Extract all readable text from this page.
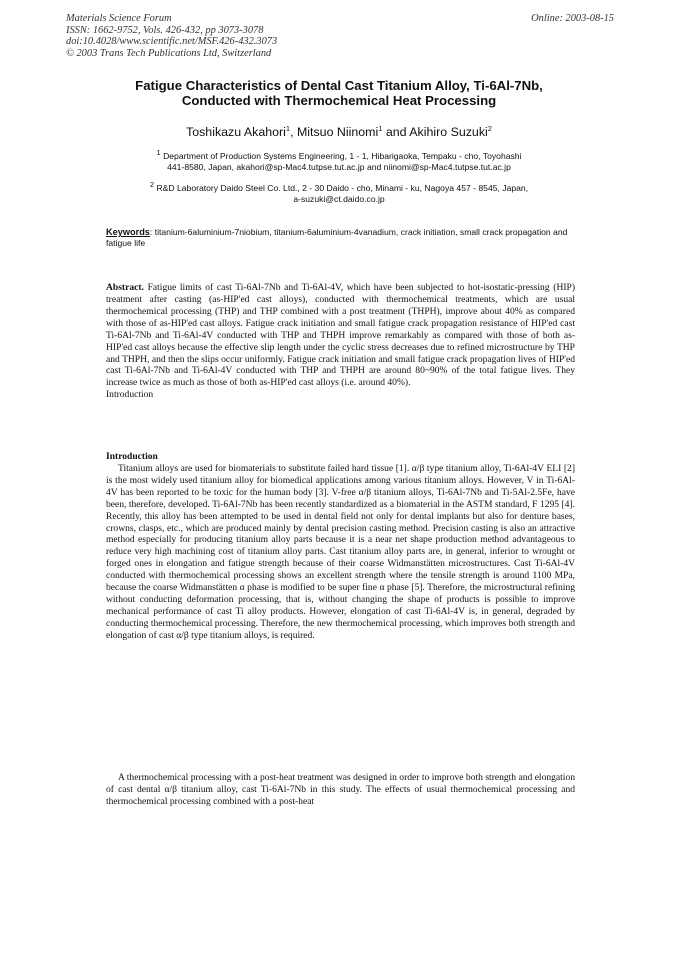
Materials Science Forum
ISSN: 1662-9752, Vols. 426-432, pp 3073-3078
doi:10.4028/www.scientific.net/MSF.426-432.3073
© 2003 Trans Tech Publications Ltd, Switzerland
Online: 2003-08-15
Fatigue Characteristics of Dental Cast Titanium Alloy, Ti-6Al-7Nb,
Conducted with Thermochemical Heat Processing
Toshikazu Akahori$^1$, Mitsuo Niinomi$^1$ and Akihiro Suzuki$^2$
$^1$ Department of Production Systems Engineering, 1 - 1, Hibarigaoka, Tempaku - cho, Toyohashi
441-8580, Japan, akahori@sp-Mac4.tutpse.tut.ac.jp and niinomi@sp-Mac4.tutpse.tut.ac.jp
$^2$ R&D Laboratory Daido Steel Co. Ltd., 2 - 30 Daido - cho, Minami - ku, Nagoya 457 - 8545, Japan,
a-suzuki@ct.daido.co.jp
Keywords: titanium-6aluminium-7niobium, titanium-6aluminium-4vanadium, crack initiation, small crack propagation and fatigue life

Abstract. Fatigue limits of cast Ti-6Al-7Nb and Ti-6Al-4V, which have been subjected to hot-isostatic-pressing (HIP) treatment after casting (as-HIP'ed cast alloys), conducted with thermochemical treatments, which are usual thermochemical processing (THP) and THP combined with a post treatment (THPH), improve about 40% as compared with those of as-HIP'ed cast alloys. Fatigue crack initiation and small fatigue crack propagation resistance of HIP'ed cast Ti-6Al-7Nb and Ti-6Al-4V conducted with THP and THPH improve remarkably as compared with those of both as-HIP'ed cast alloys because the effective slip length under the cyclic stress decreases due to refined microstructure by THP and THPH, and then the slips occur uniformly. Fatigue crack initiation and small fatigue crack propagation lives of HIP'ed cast Ti-6Al-7Nb and Ti-6Al-4V conducted with THP and THPH are around 80~90% of the total fatigue lives. They increase twice as much as those of both as-HIP'ed cast alloys (i.e. around 40%).

Introduction

Introduction

Titanium alloys are used for biomaterials to substitute failed hard tissue [1]. α/β type titanium alloy, Ti-6Al-4V ELI [2] is the most widely used titanium alloy for biomedical applications among various titanium alloys. However, V in Ti-6Al-4V has been reported to be toxic for the human body [3]. V-free α/β titanium alloys, Ti-6Al-7Nb and Ti-5Al-2.5Fe, have been, therefore, developed. Ti-6Al-7Nb has been recently standardized as a biomaterial in the ASTM standard, F 1295 [4]. Recently, this alloy has been attempted to be used in dental field not only for dental implants but also for denture bases, crowns, clasps, etc., which are produced mainly by dental precision casting method. Precision casting is also an attractive method especially for producing titanium alloy parts because it is a near net shape production method advantageous to reduce very high machining cost of titanium alloy parts. Cast titanium alloy parts are, in general, inferior to wrought or forged ones in elongation and fatigue strength because of their coarse Widmanstätten microstructures. Cast Ti-6Al-4V conducted with thermochemical processing shows an excellent strength where the tensile strength is around 1100 MPa, because the coarse Widmanstätten α phase is modified to be super fine α phase [5]. Therefore, the microstructural refining without conducting deformation processing, that is, without changing the shape of products is possible to improve mechanical performance of cast Ti alloy products. However, elongation of cast Ti-6Al-4V is, in general, degraded by conducting thermochemical processing. Therefore, the new thermochemical processing, which improves both strength and elongation of cast α/β type titanium alloys, is required.

A thermochemical processing with a post-heat treatment was designed in order to improve both strength and elongation of cast dental α/β titanium alloy, cast Ti-6Al-7Nb in this study. The effects of usual thermochemical processing and thermochemical processing combined with a post-heat
